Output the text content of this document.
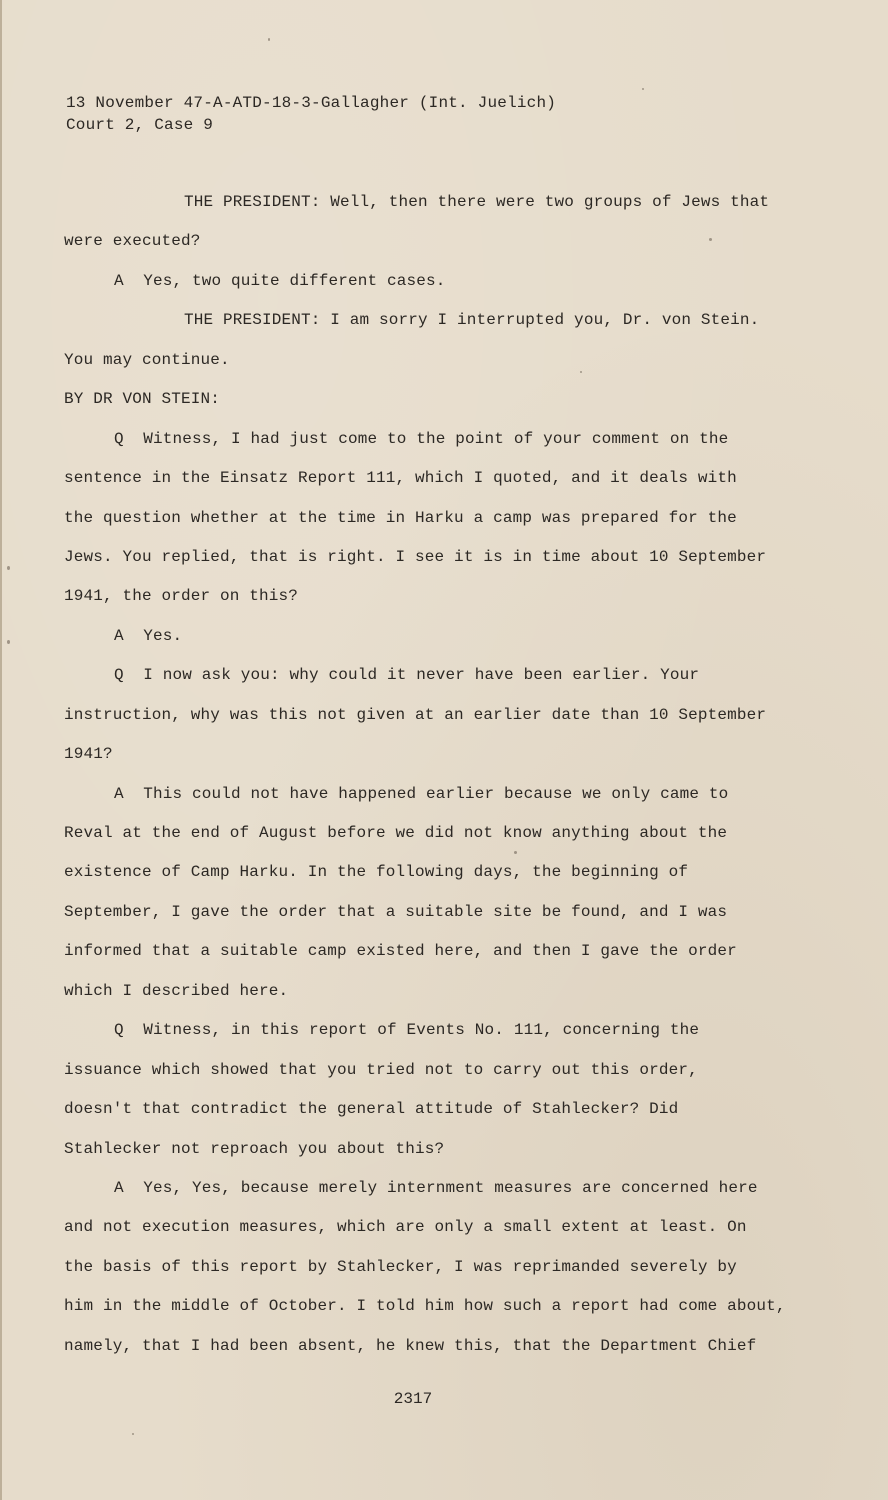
13 November 47-A-ATD-18-3-Gallagher (Int. Juelich)
Court 2, Case 9
THE PRESIDENT: Well, then there were two groups of Jews that
were executed?
A  Yes, two quite different cases.
THE PRESIDENT: I am sorry I interrupted you, Dr. von Stein.
You may continue.
BY DR VON STEIN:
Q  Witness, I had just come to the point of your comment on the
sentence in the Einsatz Report 111, which I quoted, and it deals with
the question whether at the time in Harku a camp was prepared for the
Jews. You replied, that is right. I see it is in time about 10 September
1941, the order on this?
A  Yes.
Q  I now ask you: why could it never have been earlier. Your
instruction, why was this not given at an earlier date than 10 September
1941?
A  This could not have happened earlier because we only came to
Reval at the end of August before we did not know anything about the
existence of Camp Harku. In the following days, the beginning of
September, I gave the order that a suitable site be found, and I was
informed that a suitable camp existed here, and then I gave the order
which I described here.
Q  Witness, in this report of Events No. 111, concerning the
issuance which showed that you tried not to carry out this order,
doesn't that contradict the general attitude of Stahlecker? Did
Stahlecker not reproach you about this?
A  Yes, Yes, because merely internment measures are concerned here
and not execution measures, which are only a small extent at least. On
the basis of this report by Stahlecker, I was reprimanded severely by
him in the middle of October. I told him how such a report had come about,
namely, that I had been absent, he knew this, that the Department Chief
2317
